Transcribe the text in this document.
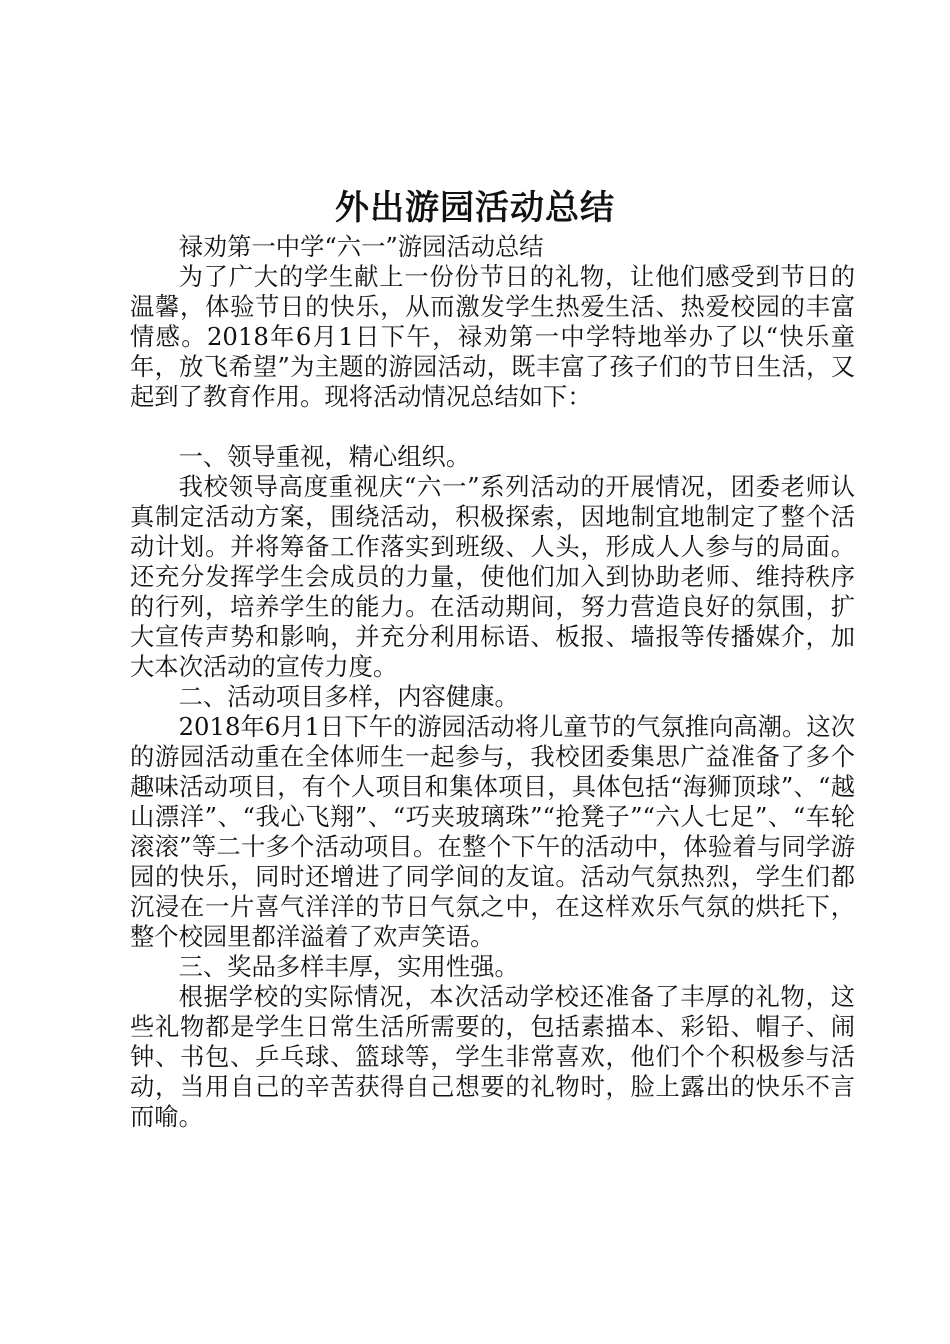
外出游园活动总结

禄劝第一中学“六一”游园活动总结

为了广大的学生献上一份份节日的礼物，让他们感受到节日的温馨，体验节日的快乐，从而激发学生热爱生活、热爱校园的丰富情感。2018年6月1日下午，禄劝第一中学特地举办了以“快乐童年，放飞希望”为主题的游园活动，既丰富了孩子们的节日生活，又起到了教育作用。现将活动情况总结如下：

一、领导重视，精心组织。

我校领导高度重视庆“六一”系列活动的开展情况，团委老师认真制定活动方案，围绕活动，积极探索，因地制宜地制定了整个活动计划。并将筹备工作落实到班级、人头，形成人人参与的局面。还充分发挥学生会成员的力量，使他们加入到协助老师、维持秩序的行列，培养学生的能力。在活动期间，努力营造良好的氛围，扩大宣传声势和影响，并充分利用标语、板报、墙报等传播媒介，加大本次活动的宣传力度。

二、活动项目多样，内容健康。

2018年6月1日下午的游园活动将儿童节的气氛推向高潮。这次的游园活动重在全体师生一起参与，我校团委集思广益准备了多个趣味活动项目，有个人项目和集体项目，具体包括“海狮顶球”、“越山漂洋”、“我心飞翔”、“巧夹玻璃珠”“抢凳子”“六人七足”、“车轮滚滚”等二十多个活动项目。在整个下午的活动中，体验着与同学游园的快乐，同时还增进了同学间的友谊。活动气氛热烈，学生们都沉浸在一片喜气洋洋的节日气氛之中，在这样欢乐气氛的烘托下，整个校园里都洋溢着了欢声笑语。

三、奖品多样丰厚，实用性强。

根据学校的实际情况，本次活动学校还准备了丰厚的礼物，这些礼物都是学生日常生活所需要的，包括素描本、彩铅、帽子、闹钟、书包、乒乓球、篮球等，学生非常喜欢，他们个个积极参与活动，当用自己的辛苦获得自己想要的礼物时，脸上露出的快乐不言而喻。
